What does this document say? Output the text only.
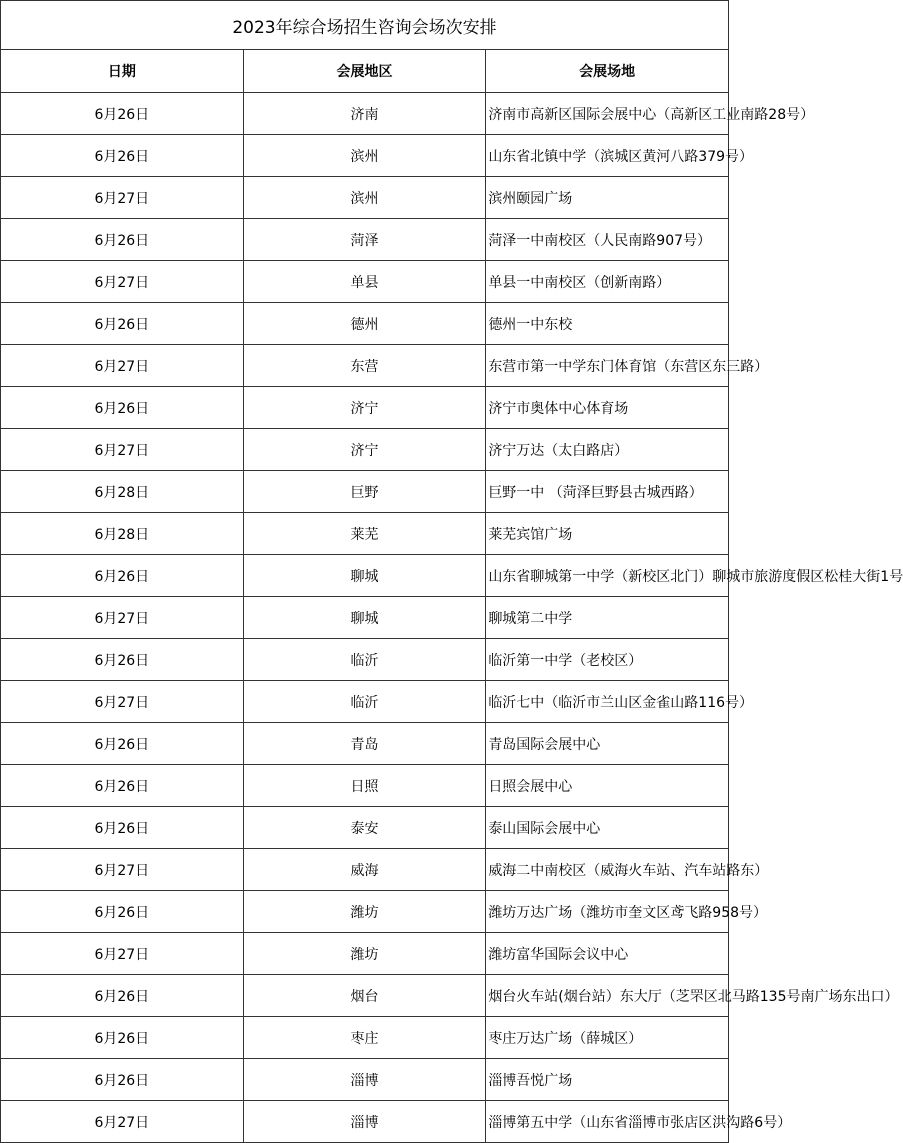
2023年综合场招生咨询会场次安排		
日期	会展地区	会展场地
6月26日	济南	济南市高新区国际会展中心（高新区工业南路28号）
6月26日	滨州	山东省北镇中学（滨城区黄河八路379号）
6月27日	滨州	滨州颐园广场
6月26日	菏泽	菏泽一中南校区（人民南路907号）
6月27日	单县	单县一中南校区（创新南路）
6月26日	德州	德州一中东校
6月27日	东营	东营市第一中学东门体育馆（东营区东三路）
6月26日	济宁	济宁市奥体中心体育场
6月27日	济宁	济宁万达（太白路店）
6月28日	巨野	巨野一中 （菏泽巨野县古城西路）
6月28日	莱芜	莱芜宾馆广场
6月26日	聊城	山东省聊城第一中学（新校区北门）聊城市旅游度假区松桂大街1号
6月27日	聊城	聊城第二中学
6月26日	临沂	临沂第一中学（老校区）
6月27日	临沂	临沂七中（临沂市兰山区金雀山路116号）
6月26日	青岛	青岛国际会展中心
6月26日	日照	日照会展中心
6月26日	泰安	泰山国际会展中心
6月27日	威海	威海二中南校区（威海火车站、汽车站路东）
6月26日	潍坊	潍坊万达广场（潍坊市奎文区鸢飞路958号）
6月27日	潍坊	潍坊富华国际会议中心
6月26日	烟台	烟台火车站(烟台站）东大厅（芝罘区北马路135号南广场东出口）
6月26日	枣庄	枣庄万达广场（薛城区）
6月26日	淄博	淄博吾悦广场
6月27日	淄博	淄博第五中学（山东省淄博市张店区洪沟路6号）
